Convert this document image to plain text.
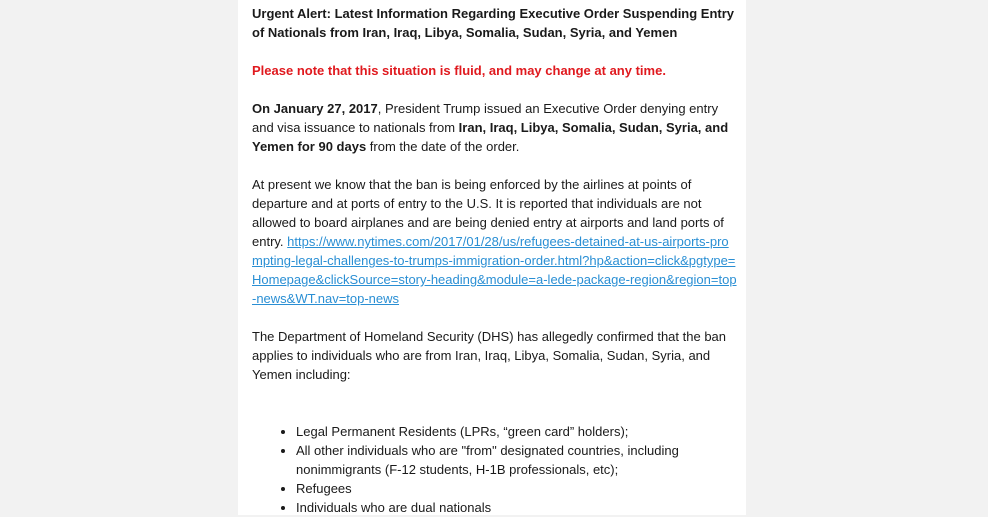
Urgent Alert: Latest Information Regarding Executive Order Suspending Entry of Nationals from Iran, Iraq, Libya, Somalia, Sudan, Syria, and Yemen

Please note that this situation is fluid, and may change at any time.

On January 27, 2017, President Trump issued an Executive Order denying entry and visa issuance to nationals from Iran, Iraq, Libya, Somalia, Sudan, Syria, and Yemen for 90 days from the date of the order.

At present we know that the ban is being enforced by the airlines at points of departure and at ports of entry to the U.S. It is reported that individuals are not allowed to board airplanes and are being denied entry at airports and land ports of entry. https://www.nytimes.com/2017/01/28/us/refugees-detained-at-us-airports-prompting-legal-challenges-to-trumps-immigration-order.html?hp&action=click&pgtype=Homepage&clickSource=story-heading&module=a-lede-package-region&region=top-news&WT.nav=top-news

The Department of Homeland Security (DHS) has allegedly confirmed that the ban applies to individuals who are from Iran, Iraq, Libya, Somalia, Sudan, Syria, and Yemen including:

• Legal Permanent Residents (LPRs, “green card” holders);
• All other individuals who are "from" designated countries, including nonimmigrants (F-12 students, H-1B professionals, etc);
• Refugees
• Individuals who are dual nationals
